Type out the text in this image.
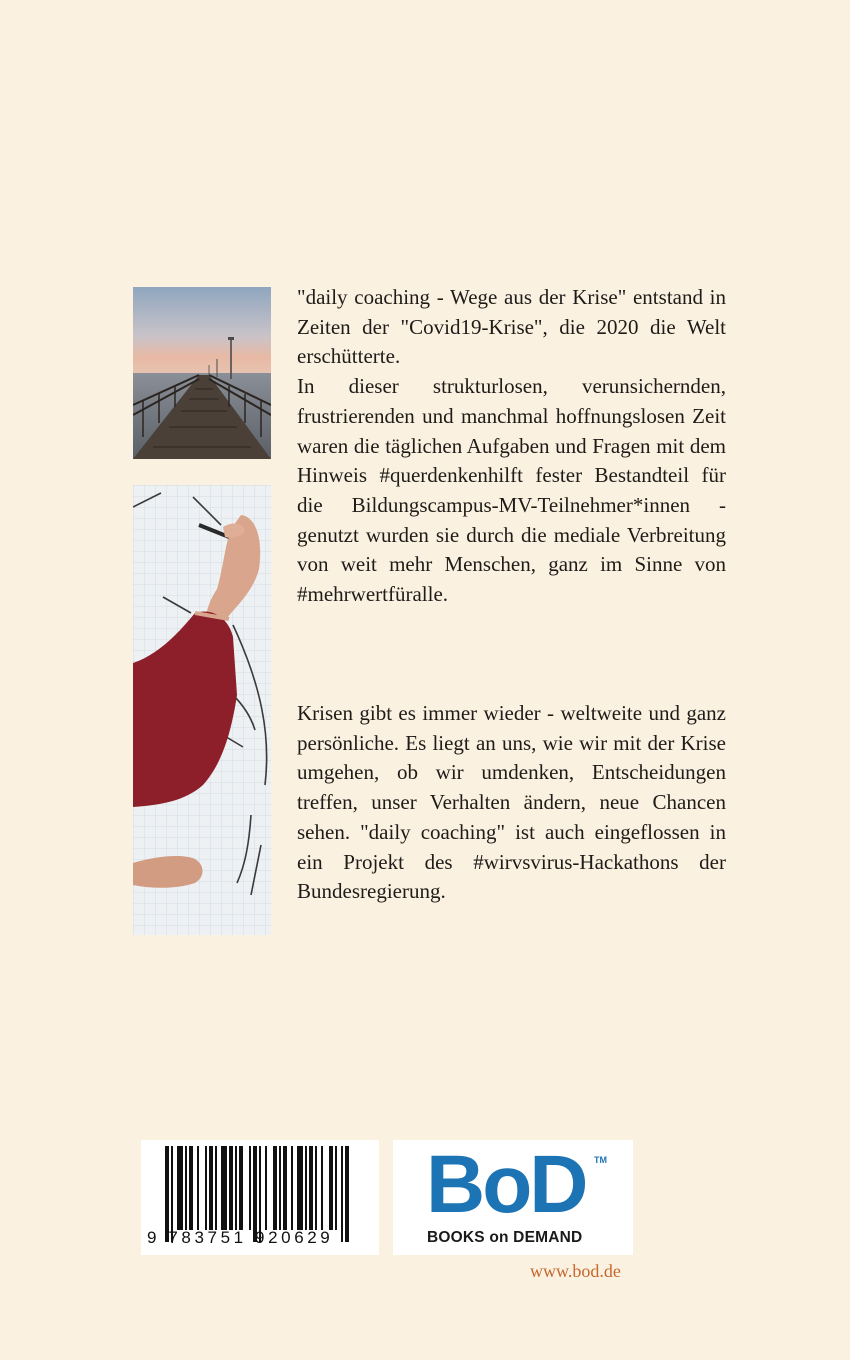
"daily coaching - Wege aus der Krise" entstand in Zeiten der "Covid19-Krise", die 2020 die Welt erschütterte.

In dieser strukturlosen, verunsichernden, frustrierenden und manchmal hoffnungslosen Zeit waren die täglichen Aufgaben und Fragen mit dem Hinweis #querdenkenhilft fester Bestandteil für die Bildungscampus-MV-Teilnehmer*innen - genutzt wurden sie durch die mediale Verbreitung von weit mehr Menschen, ganz im Sinne von #mehrwertfüralle.

Krisen gibt es immer wieder - weltweite und ganz persönliche. Es liegt an uns, wie wir mit der Krise umgehen, ob wir umdenken, Entscheidungen treffen, unser Verhalten ändern, neue Chancen sehen. "daily coaching" ist auch eingeflossen in ein Projekt des #wirvsvirus-Hackathons der Bundesregierung.

9 783751 920629
BoD TM
BOOKS on DEMAND
www.bod.de
